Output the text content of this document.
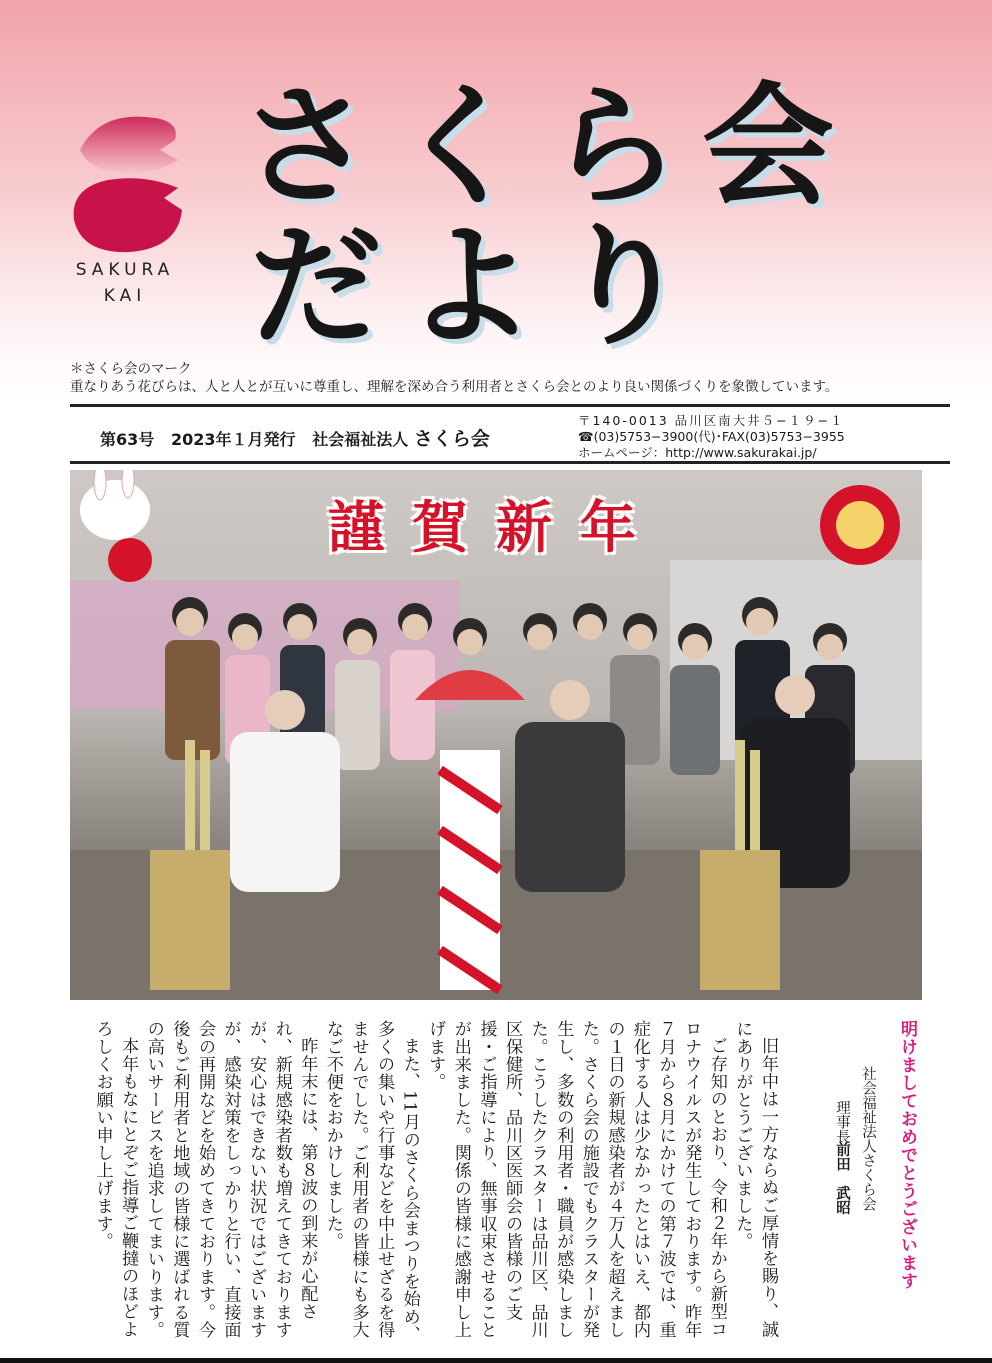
SAKURA
KAI
さくら会
だより
＊さくら会のマーク
重なりあう花びらは、人と人とが互いに尊重し、理解を深め合う利用者とさくら会とのより良い関係づくりを象徴しています。
第63号 2023年１月発行 社会福祉法人 さくら会
〒140-0013 品川区南大井５−１９−１
☎(03)5753−3900(代)･FAX(03)5753−3955
ホームページ：http://www.sakurakai.jp/
謹賀新年
明けましておめでとうございます
社会福祉法人さくら会
理事長
前田　武昭

旧年中は一方ならぬご厚情を賜り、誠にありがとうございました。

ご存知のとおり、令和２年から新型コロナウイルスが発生しております。昨年７月から８月にかけての第７波では、重症化する人は少なかったとはいえ、都内の１日の新規感染者が４万人を超えました。さくら会の施設でもクラスターが発生し、多数の利用者・職員が感染しました。こうしたクラスターは品川区、品川区保健所、品川区医師会の皆様のご支援・ご指導により、無事収束させることが出来ました。関係の皆様に感謝申し上げます。

また、11月のさくら会まつりを始め、多くの集いや行事などを中止せざるを得ませんでした。ご利用者の皆様にも多大なご不便をおかけしました。

昨年末には、第８波の到来が心配され、新規感染者数も増えてきておりますが、安心はできない状況ではございますが、感染対策をしっかりと行い、直接面会の再開などを始めてきております。今後もご利用者と地域の皆様に選ばれる質の高いサービスを追求してまいります。

本年もなにとぞご指導ご鞭撻のほどよろしくお願い申し上げます。
